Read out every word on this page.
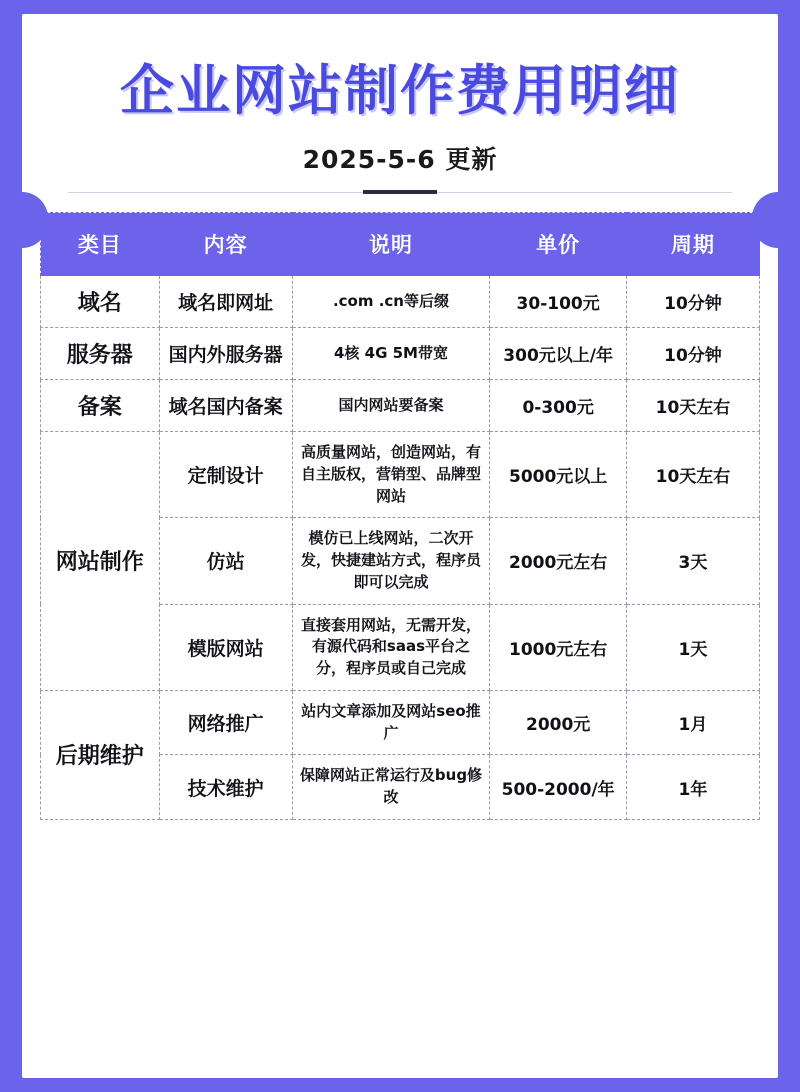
企业网站制作费用明细
2025-5-6 更新
类目	内容	说明	单价	周期
域名	域名即网址	.com .cn等后缀	30-100元	10分钟
服务器	国内外服务器	4核 4G 5M带宽	300元以上/年	10分钟
备案	域名国内备案	国内网站要备案	0-300元	10天左右
网站制作	定制设计	高质量网站，创造网站，有自主版权，营销型、品牌型网站	5000元以上	10天左右
	仿站	模仿已上线网站，二次开发，快捷建站方式，程序员即可以完成	2000元左右	3天
	模版网站	直接套用网站，无需开发，有源代码和saas平台之分，程序员或自己完成	1000元左右	1天
后期维护	网络推广	站内文章添加及网站seo推广	2000元	1月
	技术维护	保障网站正常运行及bug修改	500-2000/年	1年
